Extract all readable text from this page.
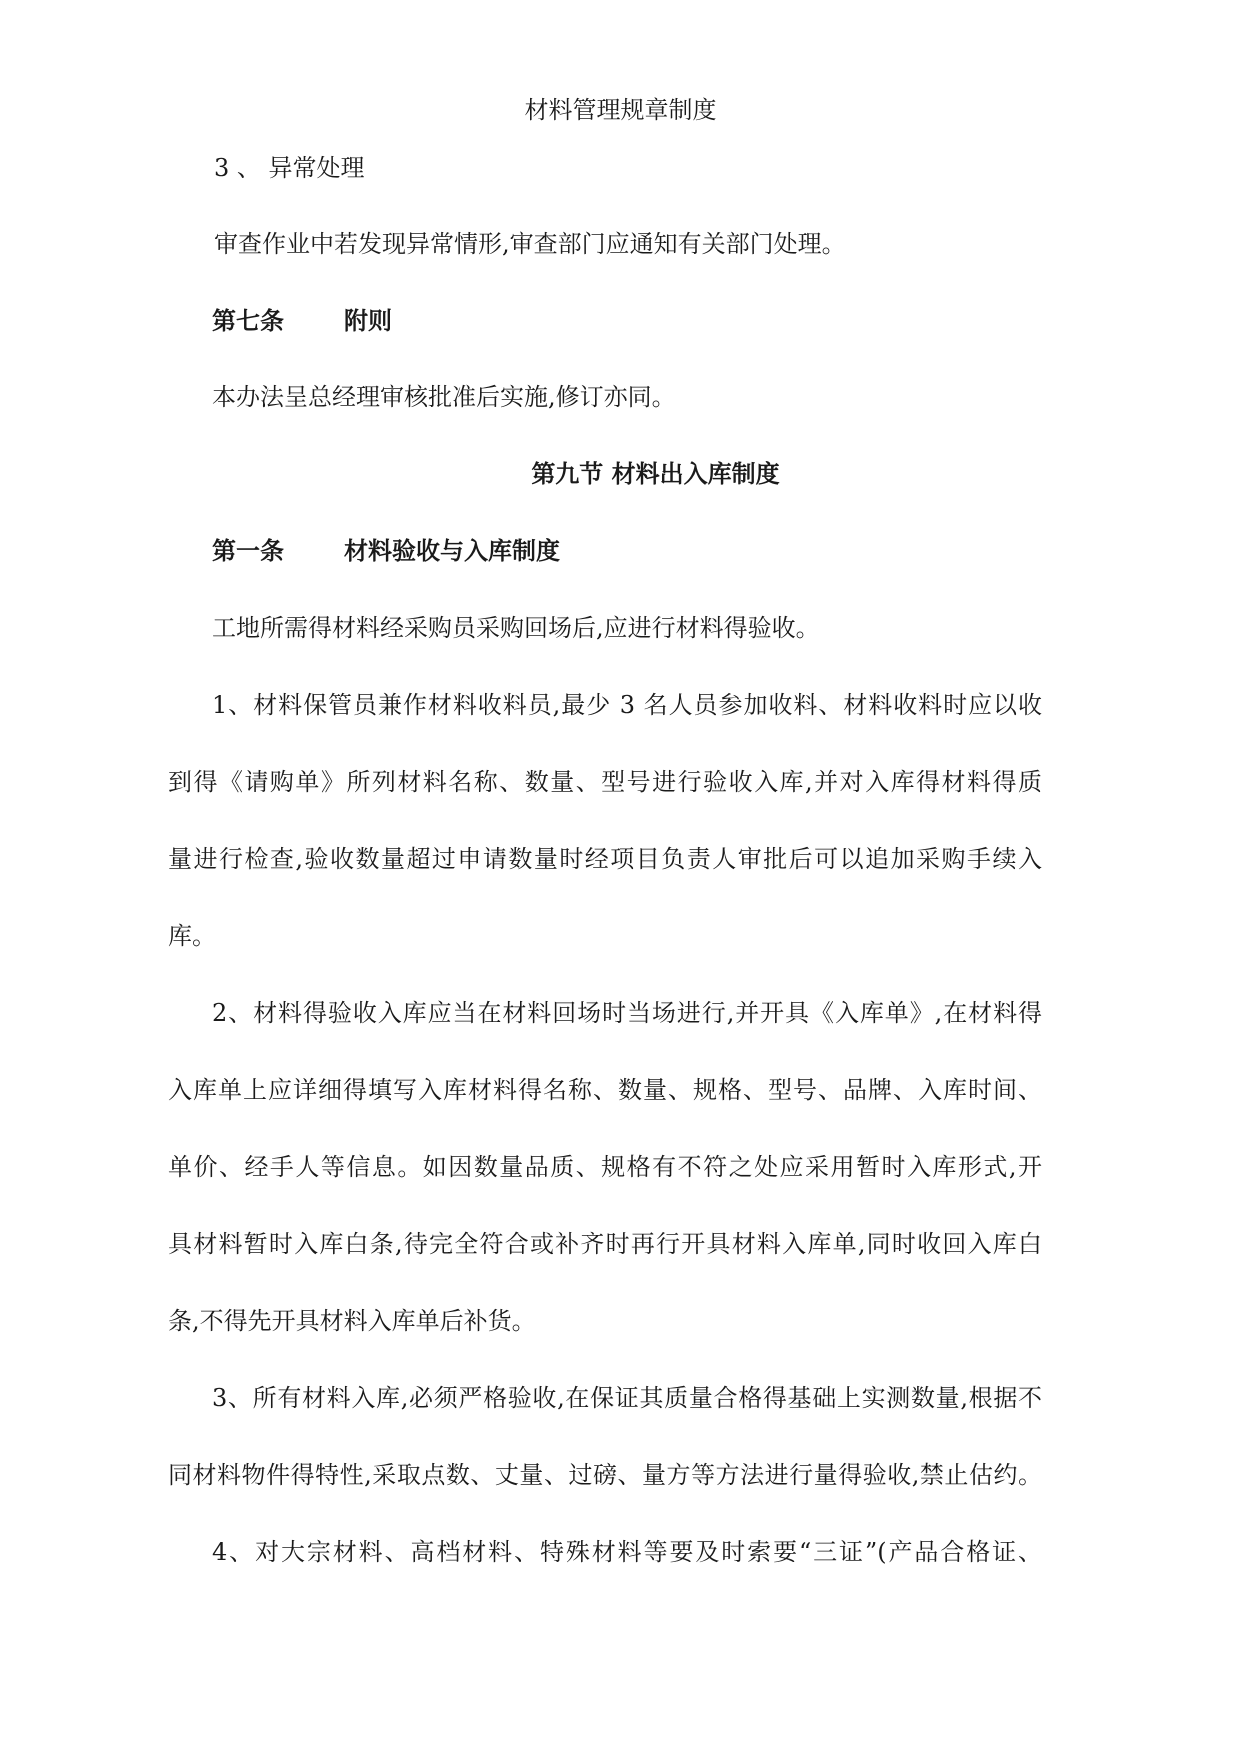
材料管理规章制度

3 、 异常处理

审查作业中若发现异常情形,审查部门应通知有关部门处理。

第七条	附则

本办法呈总经理审核批准后实施,修订亦同。

第九节 材料出入库制度

第一条	材料验收与入库制度

工地所需得材料经采购员采购回场后,应进行材料得验收。

1、材料保管员兼作材料收料员,最少 3 名人员参加收料、材料收料时应以收

到得《请购单》所列材料名称、数量、型号进行验收入库,并对入库得材料得质

量进行检查,验收数量超过申请数量时经项目负责人审批后可以追加采购手续入

库。

2、材料得验收入库应当在材料回场时当场进行,并开具《入库单》,在材料得

入库单上应详细得填写入库材料得名称、数量、规格、型号、品牌、入库时间、

单价、经手人等信息。如因数量品质、规格有不符之处应采用暂时入库形式,开

具材料暂时入库白条,待完全符合或补齐时再行开具材料入库单,同时收回入库白

条,不得先开具材料入库单后补货。

3、所有材料入库,必须严格验收,在保证其质量合格得基础上实测数量,根据不

同材料物件得特性,采取点数、丈量、过磅、量方等方法进行量得验收,禁止估约。

4、对大宗材料、高档材料、特殊材料等要及时索要“三证”(产品合格证、
